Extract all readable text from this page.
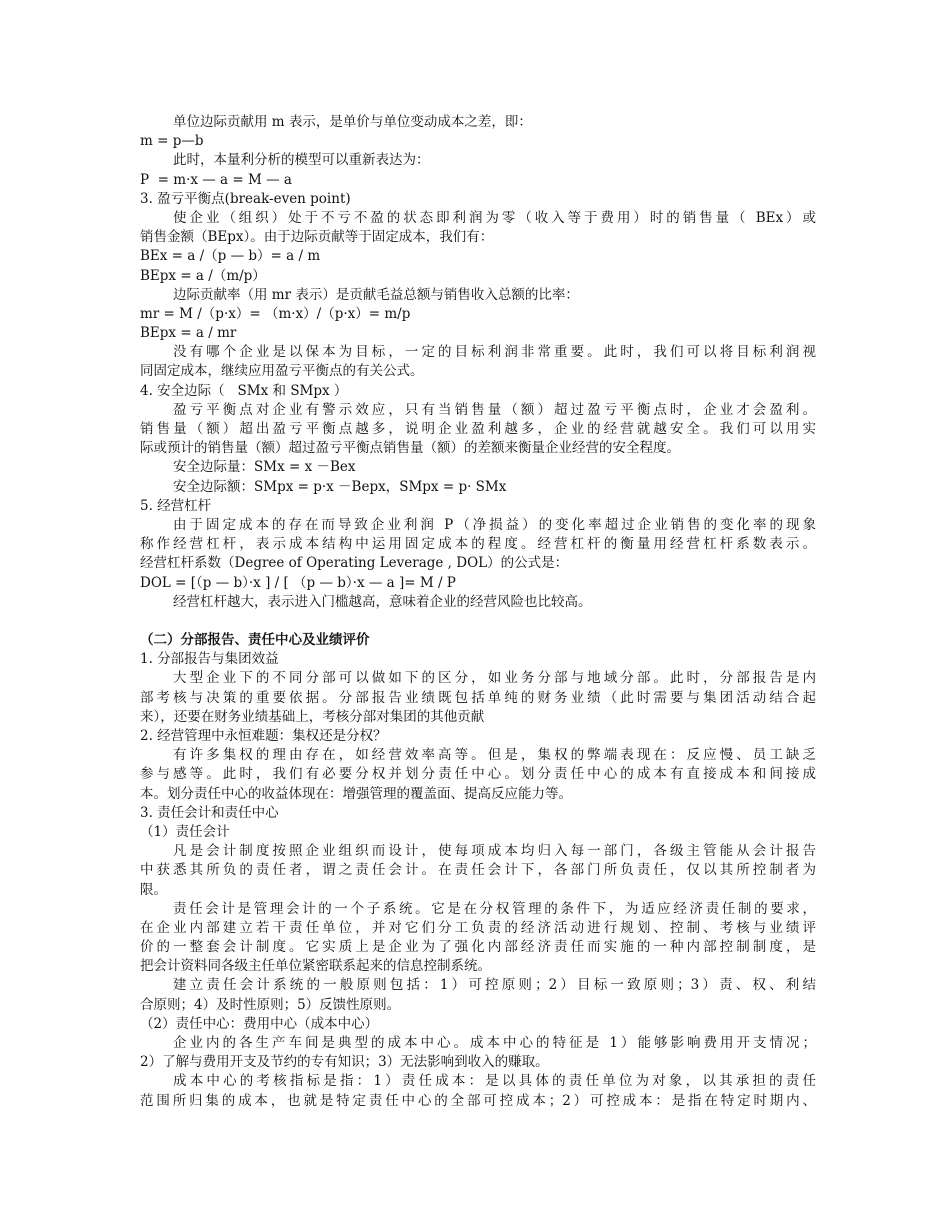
单位边际贡献用 m 表示，是单价与单位变动成本之差，即：
m = p—b
此时，本量利分析的模型可以重新表达为：
P  = m·x — a = M — a
3. 盈亏平衡点(break-even point)
使企业（组织）处于不亏不盈的状态即利润为零（收入等于费用）时的销售量（ BEx）或
销售金额（BEpx）。由于边际贡献等于固定成本，我们有：
BEx = a /（p — b）= a / m
BEpx = a /（m/p）
边际贡献率（用 mr 表示）是贡献毛益总额与销售收入总额的比率：
mr = M /（p·x）= （m·x）/（p·x）= m/p
BEpx = a / mr
没有哪个企业是以保本为目标，一定的目标利润非常重要。此时，我们可以将目标利润视
同固定成本，继续应用盈亏平衡点的有关公式。
4. 安全边际（   SMx 和 SMpx ）
盈亏平衡点对企业有警示效应，只有当销售量（额）超过盈亏平衡点时，企业才会盈利。
销售量（额）超出盈亏平衡点越多，说明企业盈利越多，企业的经营就越安全。我们可以用实
际或预计的销售量（额）超过盈亏平衡点销售量（额）的差额来衡量企业经营的安全程度。
安全边际量：SMx = x －Bex
安全边际额：SMpx = p·x －Bepx，SMpx = p· SMx
5. 经营杠杆
由于固定成本的存在而导致企业利润 P（净损益）的变化率超过企业销售的变化率的现象
称作经营杠杆，表示成本结构中运用固定成本的程度。经营杠杆的衡量用经营杠杆系数表示。
经营杠杆系数（Degree of Operating Leverage , DOL）的公式是：
DOL = [（p — b）·x ] / [ （p — b）·x — a ]= M / P
经营杠杆越大，表示进入门槛越高，意味着企业的经营风险也比较高。
（二）分部报告、责任中心及业绩评价
1. 分部报告与集团效益
大型企业下的不同分部可以做如下的区分，如业务分部与地域分部。此时，分部报告是内
部考核与决策的重要依据。分部报告业绩既包括单纯的财务业绩（此时需要与集团活动结合起
来），还要在财务业绩基础上，考核分部对集团的其他贡献
2. 经营管理中永恒难题：集权还是分权？
有许多集权的理由存在，如经营效率高等。但是，集权的弊端表现在：反应慢、员工缺乏
参与感等。此时，我们有必要分权并划分责任中心。划分责任中心的成本有直接成本和间接成
本。划分责任中心的收益体现在：增强管理的覆盖面、提高反应能力等。
3. 责任会计和责任中心
（1）责任会计
凡是会计制度按照企业组织而设计，使每项成本均归入每一部门，各级主管能从会计报告
中获悉其所负的责任者，谓之责任会计。在责任会计下，各部门所负责任，仅以其所控制者为
限。
责任会计是管理会计的一个子系统。它是在分权管理的条件下，为适应经济责任制的要求，
在企业内部建立若干责任单位，并对它们分工负责的经济活动进行规划、控制、考核与业绩评
价的一整套会计制度。它实质上是企业为了强化内部经济责任而实施的一种内部控制制度，是
把会计资料同各级主任单位紧密联系起来的信息控制系统。
建立责任会计系统的一般原则包括：1）可控原则；2）目标一致原则；3）责、权、利结
合原则；4）及时性原则；5）反馈性原则。
（2）责任中心：费用中心（成本中心）
企业内的各生产车间是典型的成本中心。成本中心的特征是 1）能够影响费用开支情况；
2）了解与费用开支及节约的专有知识；3）无法影响到收入的赚取。
成本中心的考核指标是指：1）责任成本：是以具体的责任单位为对象，以其承担的责任
范围所归集的成本，也就是特定责任中心的全部可控成本；2）可控成本：是指在特定时期内、
